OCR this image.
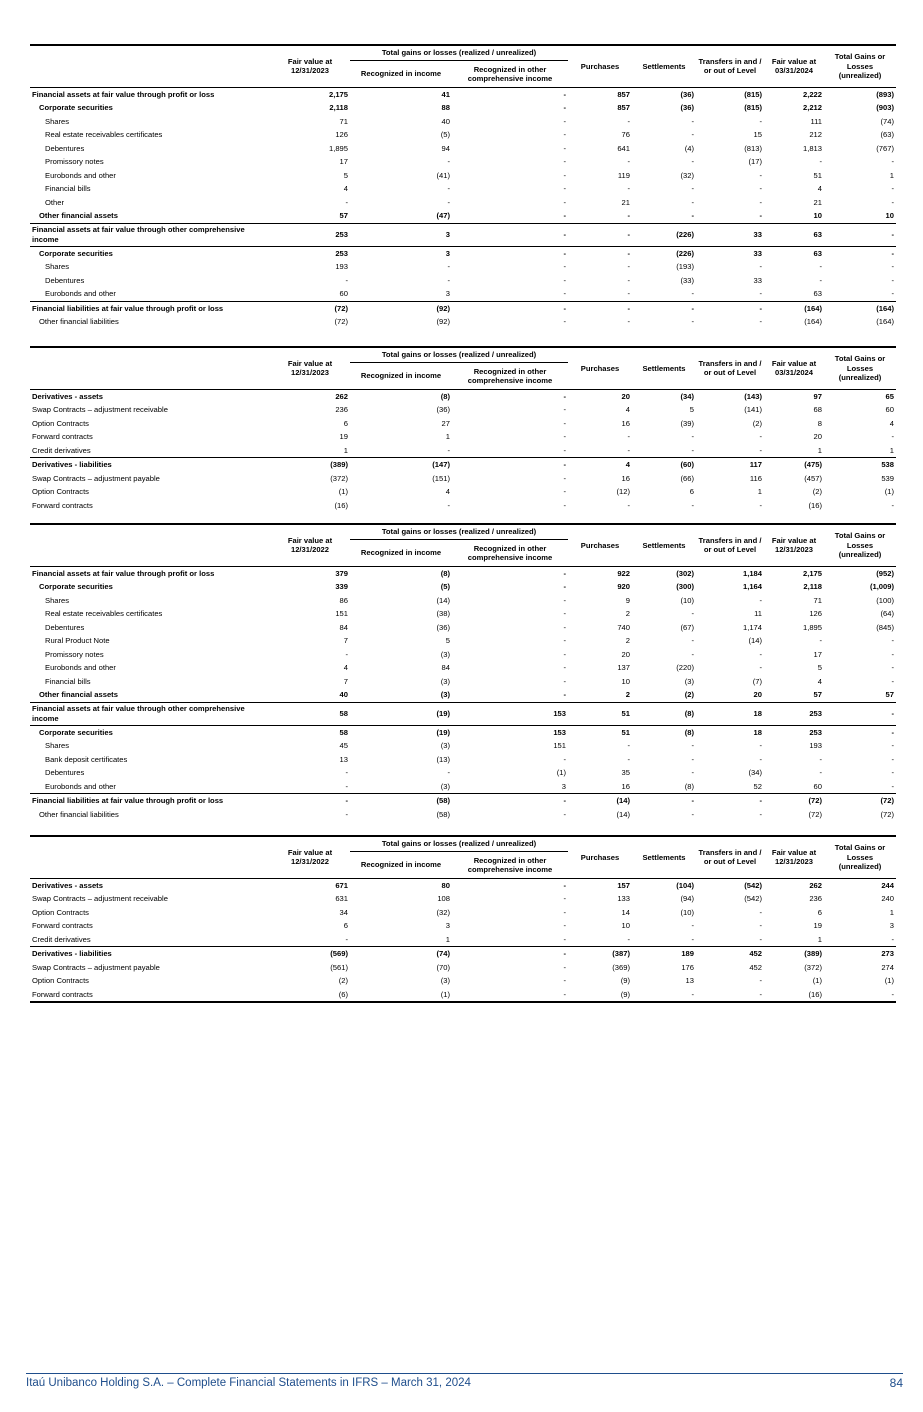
	Fair value at 12/31/2023	Total gains or losses (realized / unrealized)		Purchases	Settlements	Transfers in and / or out of Level	Fair value at 03/31/2024	Total Gains or Losses (unrealized)
		Recognized in income	Recognized in other comprehensive income					
Financial assets at fair value through profit or loss	2,175	41	-	857	(36)	(815)	2,222	(893)
Corporate securities	2,118	88	-	857	(36)	(815)	2,212	(903)
Shares	71	40	-	-	-	-	111	(74)
Real estate receivables certificates	126	(5)	-	76	-	15	212	(63)
Debentures	1,895	94	-	641	(4)	(813)	1,813	(767)
Promissory notes	17	-	-	-	-	(17)	-	-
Eurobonds and other	5	(41)	-	119	(32)	-	51	1
Financial bills	4	-	-	-	-	-	4	-
Other	-	-	-	21	-	-	21	-
Other financial assets	57	(47)	-	-	-	-	10	10
Financial assets at fair value through other comprehensive income	253	3	-	-	(226)	33	63	-
Corporate securities	253	3	-	-	(226)	33	63	-
Shares	193	-	-	-	(193)	-	-	-
Debentures	-	-	-	-	(33)	33	-	-
Eurobonds and other	60	3	-	-	-	-	63	-
Financial liabilities at fair value through profit or loss	(72)	(92)	-	-	-	-	(164)	(164)
Other financial liabilities	(72)	(92)	-	-	-	-	(164)	(164)
	Fair value at 12/31/2023	Total gains or losses (realized / unrealized)		Purchases	Settlements	Transfers in and / or out of Level	Fair value at 03/31/2024	Total Gains or Losses (unrealized)
		Recognized in income	Recognized in other comprehensive income					
Derivatives - assets	262	(8)	-	20	(34)	(143)	97	65
Swap Contracts – adjustment receivable	236	(36)	-	4	5	(141)	68	60
Option Contracts	6	27	-	16	(39)	(2)	8	4
Forward contracts	19	1	-	-	-	-	20	-
Credit derivatives	1	-	-	-	-	-	1	1
Derivatives - liabilities	(389)	(147)	-	4	(60)	117	(475)	538
Swap Contracts – adjustment payable	(372)	(151)	-	16	(66)	116	(457)	539
Option Contracts	(1)	4	-	(12)	6	1	(2)	(1)
Forward contracts	(16)	-	-	-	-	-	(16)	-
	Fair value at 12/31/2022	Total gains or losses (realized / unrealized)		Purchases	Settlements	Transfers in and / or out of Level	Fair value at 12/31/2023	Total Gains or Losses (unrealized)
		Recognized in income	Recognized in other comprehensive income					
Financial assets at fair value through profit or loss	379	(8)	-	922	(302)	1,184	2,175	(952)
Corporate securities	339	(5)	-	920	(300)	1,164	2,118	(1,009)
Shares	86	(14)	-	9	(10)	-	71	(100)
Real estate receivables certificates	151	(38)	-	2	-	11	126	(64)
Debentures	84	(36)	-	740	(67)	1,174	1,895	(845)
Rural Product Note	7	5	-	2	-	(14)	-	-
Promissory notes	-	(3)	-	20	-	-	17	-
Eurobonds and other	4	84	-	137	(220)	-	5	-
Financial bills	7	(3)	-	10	(3)	(7)	4	-
Other financial assets	40	(3)	-	2	(2)	20	57	57
Financial assets at fair value through other comprehensive income	58	(19)	153	51	(8)	18	253	-
Corporate securities	58	(19)	153	51	(8)	18	253	-
Shares	45	(3)	151	-	-	-	193	-
Bank deposit certificates	13	(13)	-	-	-	-	-	-
Debentures	-	-	(1)	35	-	(34)	-	-
Eurobonds and other	-	(3)	3	16	(8)	52	60	-
Financial liabilities at fair value through profit or loss	-	(58)	-	(14)	-	-	(72)	(72)
Other financial liabilities	-	(58)	-	(14)	-	-	(72)	(72)
	Fair value at 12/31/2022	Total gains or losses (realized / unrealized)		Purchases	Settlements	Transfers in and / or out of Level	Fair value at 12/31/2023	Total Gains or Losses (unrealized)
		Recognized in income	Recognized in other comprehensive income					
Derivatives - assets	671	80	-	157	(104)	(542)	262	244
Swap Contracts – adjustment receivable	631	108	-	133	(94)	(542)	236	240
Option Contracts	34	(32)	-	14	(10)	-	6	1
Forward contracts	6	3	-	10	-	-	19	3
Credit derivatives	-	1	-	-	-	-	1	-
Derivatives - liabilities	(569)	(74)	-	(387)	189	452	(389)	273
Swap Contracts – adjustment payable	(561)	(70)	-	(369)	176	452	(372)	274
Option Contracts	(2)	(3)	-	(9)	13	-	(1)	(1)
Forward contracts	(6)	(1)	-	(9)	-	-	(16)	-
Itaú Unibanco Holding S.A. – Complete Financial Statements in IFRS – March 31, 2024	84
